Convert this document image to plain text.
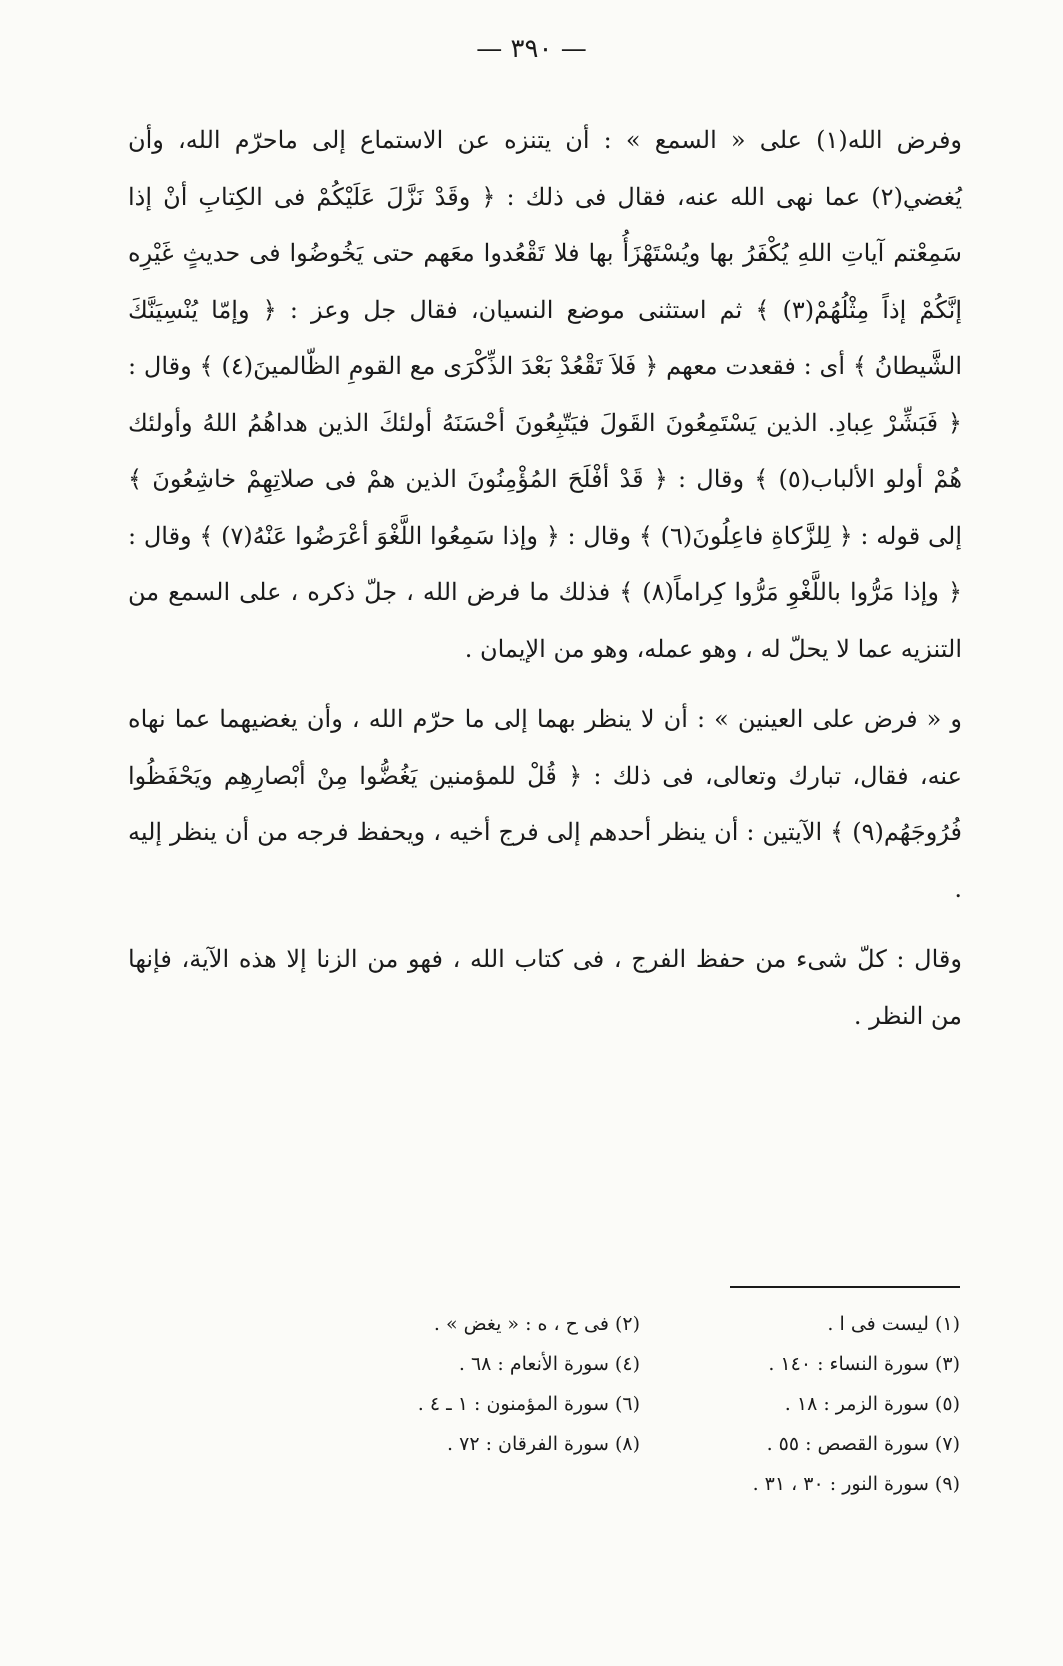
— ٣٩٠ —

وفرض الله(١) على « السمع » : أن يتنزه عن الاستماع إلى ماحرّم الله، وأن يُغضي(٢) عما نهى الله عنه، فقال فى ذلك : ﴿ وقَدْ نَزَّلَ عَلَيْكُمْ فى الكِتابِ أنْ إذا سَمِعْتم آياتِ اللهِ يُكْفَرُ بها ويُسْتَهْزَأُ بها فلا تَقْعُدوا معَهم حتى يَخُوضُوا فى حديثٍ غَيْرِه إنَّكُمْ إذاً مِثْلُهُمْ(٣) ﴾ ثم استثنى موضع النسيان، فقال جل وعز : ﴿ وإمّا يُنْسِيَنَّكَ الشَّيطانُ ﴾ أى : فقعدت معهم ﴿ فَلاَ تَقْعُدْ بَعْدَ الذِّكْرَى مع القومِ الظّالمينَ(٤) ﴾ وقال : ﴿ فَبَشِّرْ عِبادِ. الذين يَسْتَمِعُونَ القَولَ فيَتّبِعُونَ أحْسَنَهُ أولئكَ الذين هداهُمُ اللهُ وأولئك هُمْ أولو الألباب(٥) ﴾ وقال : ﴿ قَدْ أفْلَحَ المُؤْمِنُونَ الذين همْ فى صلاتِهِمْ خاشِعُونَ ﴾ إلى قوله : ﴿ لِلزَّكاةِ فاعِلُونَ(٦) ﴾ وقال : ﴿ وإذا سَمِعُوا اللَّغْوَ أعْرَضُوا عَنْهُ(٧) ﴾ وقال : ﴿ وإذا مَرُّوا باللَّغْوِ مَرُّوا كِراماً(٨) ﴾ فذلك ما فرض الله ، جلّ ذكره ، على السمع من التنزيه عما لا يحلّ له ، وهو عمله، وهو من الإيمان .

و « فرض على العينين » : أن لا ينظر بهما إلى ما حرّم الله ، وأن يغضيهما عما نهاه عنه، فقال، تبارك وتعالى، فى ذلك : ﴿ قُلْ للمؤمنين يَغُضُّوا مِنْ أبْصارِهِم ويَحْفَظُوا فُرُوجَهُم(٩) ﴾ الآيتين : أن ينظر أحدهم إلى فرج أخيه ، ويحفظ فرجه من أن ينظر إليه .

وقال : كلّ شىء من حفظ الفرج ، فى كتاب الله ، فهو من الزنا إلا هذه الآية، فإنها من النظر .

(١) ليست فى ا .
(٢) فى ح ، ه : « يغض » .
(٣) سورة النساء : ١٤٠ .
(٤) سورة الأنعام : ٦٨ .
(٥) سورة الزمر : ١٨ .
(٦) سورة المؤمنون : ١ ـ ٤ .
(٧) سورة القصص : ٥٥ .
(٨) سورة الفرقان : ٧٢ .
(٩) سورة النور : ٣٠ ، ٣١ .
